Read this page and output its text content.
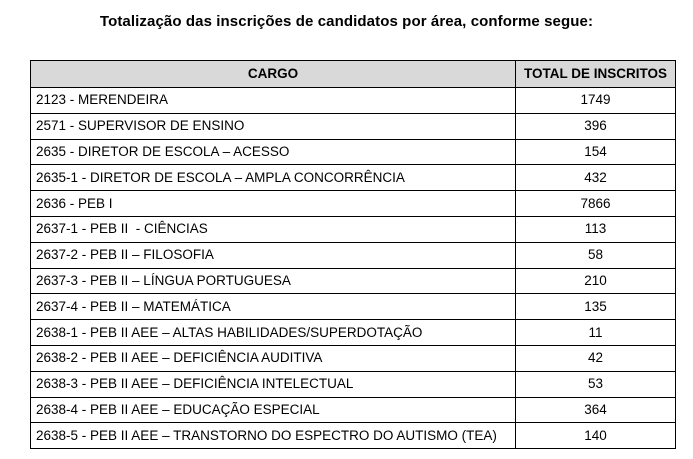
Totalização das inscrições de candidatos por área, conforme segue:
CARGO	TOTAL DE INSCRITOS
2123 - MERENDEIRA	1749
2571 - SUPERVISOR DE ENSINO	396
2635 - DIRETOR DE ESCOLA – ACESSO	154
2635-1 - DIRETOR DE ESCOLA – AMPLA CONCORRÊNCIA	432
2636 - PEB I	7866
2637-1 - PEB II  - CIÊNCIAS	113
2637-2 - PEB II – FILOSOFIA	58
2637-3 - PEB II – LÍNGUA PORTUGUESA	210
2637-4 - PEB II – MATEMÁTICA	135
2638-1 - PEB II AEE – ALTAS HABILIDADES/SUPERDOTAÇÃO	11
2638-2 - PEB II AEE – DEFICIÊNCIA AUDITIVA	42
2638-3 - PEB II AEE – DEFICIÊNCIA INTELECTUAL	53
2638-4 - PEB II AEE – EDUCAÇÃO ESPECIAL	364
2638-5 - PEB II AEE – TRANSTORNO DO ESPECTRO DO AUTISMO (TEA)	140
